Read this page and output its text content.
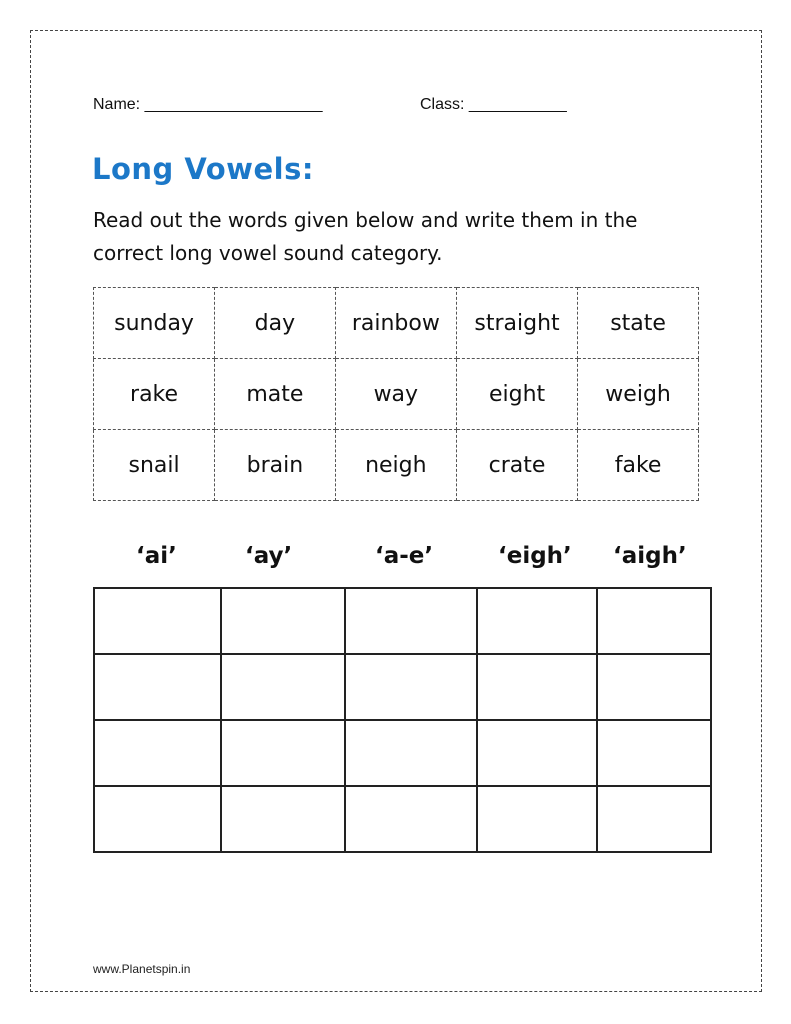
Name: ____________________	Class: ___________
Long Vowels:
Read out the words given below and write them in the correct long vowel sound category.
sunday	day	rainbow	straight	state
rake	mate	way	eight	weigh
snail	brain	neigh	crate	fake
‘ai’	‘ay’	‘a-e’	‘eigh’ ‘aigh’

www.Planetspin.in
